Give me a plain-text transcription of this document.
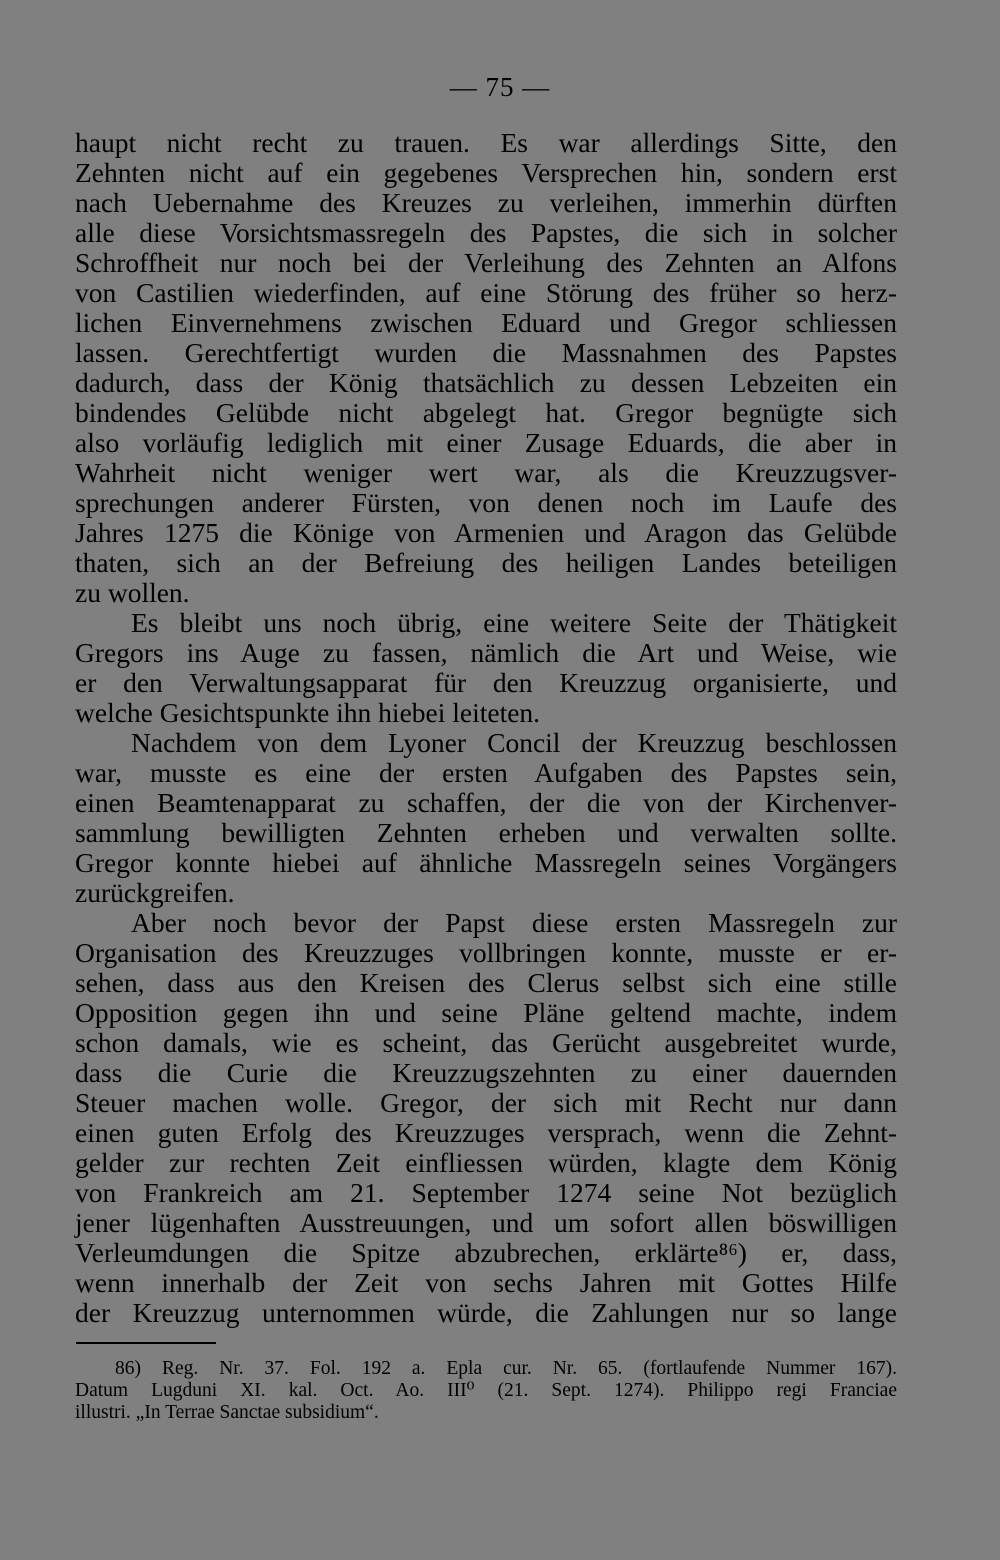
— 75 —
haupt nicht recht zu trauen. Es war allerdings Sitte, den
Zehnten nicht auf ein gegebenes Versprechen hin, sondern erst
nach Uebernahme des Kreuzes zu verleihen, immerhin dürften
alle diese Vorsichtsmassregeln des Papstes, die sich in solcher
Schroffheit nur noch bei der Verleihung des Zehnten an Alfons
von Castilien wiederfinden, auf eine Störung des früher so herz-
lichen Einvernehmens zwischen Eduard und Gregor schliessen
lassen. Gerechtfertigt wurden die Massnahmen des Papstes
dadurch, dass der König thatsächlich zu dessen Lebzeiten ein
bindendes Gelübde nicht abgelegt hat. Gregor begnügte sich
also vorläufig lediglich mit einer Zusage Eduards, die aber in
Wahrheit nicht weniger wert war, als die Kreuzzugsver-
sprechungen anderer Fürsten, von denen noch im Laufe des
Jahres 1275 die Könige von Armenien und Aragon das Gelübde
thaten, sich an der Befreiung des heiligen Landes beteiligen
zu wollen.
Es bleibt uns noch übrig, eine weitere Seite der Thätigkeit
Gregors ins Auge zu fassen, nämlich die Art und Weise, wie
er den Verwaltungsapparat für den Kreuzzug organisierte, und
welche Gesichtspunkte ihn hiebei leiteten.
Nachdem von dem Lyoner Concil der Kreuzzug beschlossen
war, musste es eine der ersten Aufgaben des Papstes sein,
einen Beamtenapparat zu schaffen, der die von der Kirchenver-
sammlung bewilligten Zehnten erheben und verwalten sollte.
Gregor konnte hiebei auf ähnliche Massregeln seines Vorgängers
zurückgreifen.
Aber noch bevor der Papst diese ersten Massregeln zur
Organisation des Kreuzzuges vollbringen konnte, musste er er-
sehen, dass aus den Kreisen des Clerus selbst sich eine stille
Opposition gegen ihn und seine Pläne geltend machte, indem
schon damals, wie es scheint, das Gerücht ausgebreitet wurde,
dass die Curie die Kreuzzugszehnten zu einer dauernden
Steuer machen wolle. Gregor, der sich mit Recht nur dann
einen guten Erfolg des Kreuzzuges versprach, wenn die Zehnt-
gelder zur rechten Zeit einfliessen würden, klagte dem König
von Frankreich am 21. September 1274 seine Not bezüglich
jener lügenhaften Ausstreuungen, und um sofort allen böswilligen
Verleumdungen die Spitze abzubrechen, erklärte⁸⁶) er, dass,
wenn innerhalb der Zeit von sechs Jahren mit Gottes Hilfe
der Kreuzzug unternommen würde, die Zahlungen nur so lange
86) Reg. Nr. 37. Fol. 192 a. Epla cur. Nr. 65. (fortlaufende Nummer 167).
Datum Lugduni XI. kal. Oct. Ao. III⁰ (21. Sept. 1274). Philippo regi Franciae
illustri. „In Terrae Sanctae subsidium“.
